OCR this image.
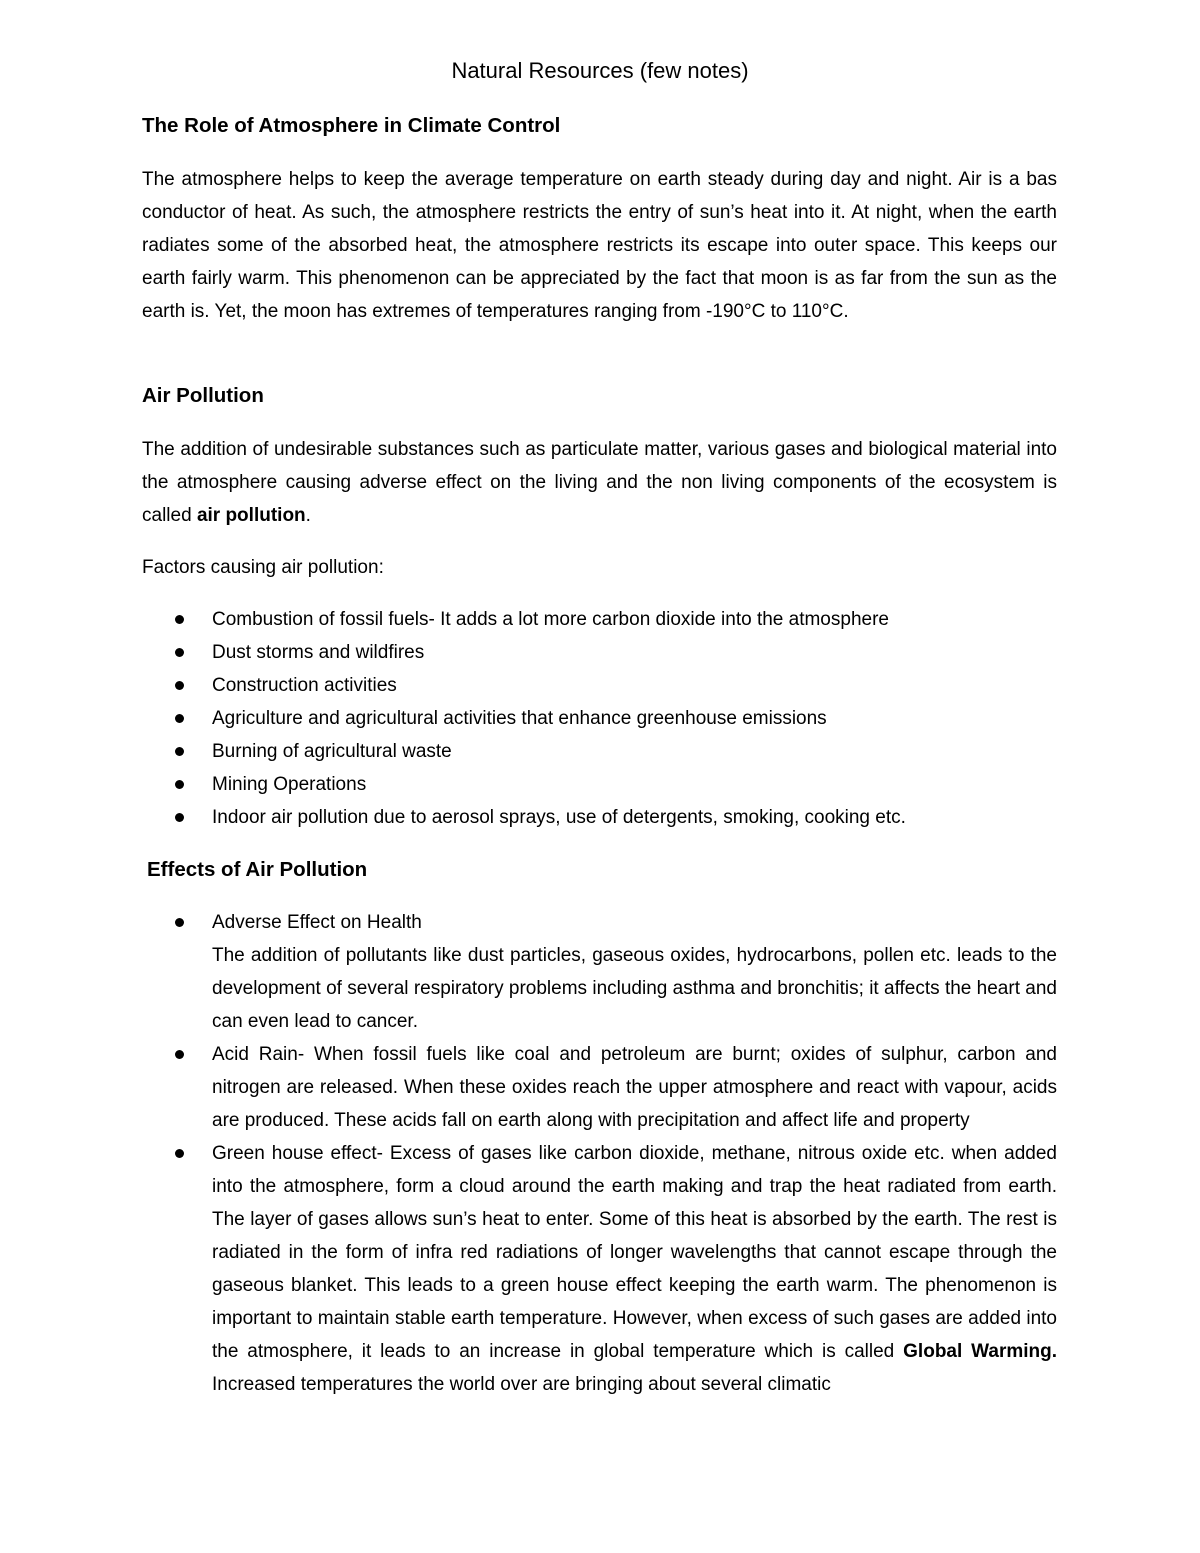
Natural Resources (few notes)
The Role of Atmosphere in Climate Control

The atmosphere helps to keep the average temperature on earth steady during day and night. Air is a bas conductor of heat. As such, the atmosphere restricts the entry of sun’s heat into it. At night, when the earth radiates some of the absorbed heat, the atmosphere restricts its escape into outer space. This keeps our earth fairly warm. This phenomenon can be appreciated by the fact that moon is as far from the sun as the earth is. Yet, the moon has extremes of temperatures ranging from -190°C to 110°C.

Air Pollution

The addition of undesirable substances such as particulate matter, various gases and biological material into the atmosphere causing adverse effect on the living and the non living components of the ecosystem is called air pollution.

Factors causing air pollution:
Combustion of fossil fuels- It adds a lot more carbon dioxide into the atmosphere
Dust storms and wildfires
Construction activities
Agriculture and agricultural activities that enhance greenhouse emissions
Burning of agricultural waste
Mining Operations
Indoor air pollution due to aerosol sprays, use of detergents, smoking, cooking etc.
Effects of Air Pollution
Adverse Effect on Health
The addition of pollutants like dust particles, gaseous oxides, hydrocarbons, pollen etc. leads to the development of several respiratory problems including asthma and bronchitis; it affects the heart and can even lead to cancer.
Acid Rain- When fossil fuels like coal and petroleum are burnt; oxides of sulphur, carbon and nitrogen are released. When these oxides reach the upper atmosphere and react with vapour, acids are produced. These acids fall on earth along with precipitation and affect life and property
Green house effect- Excess of gases like carbon dioxide, methane, nitrous oxide etc. when added into the atmosphere, form a cloud around the earth making and trap the heat radiated from earth. The layer of gases allows sun’s heat to enter. Some of this heat is absorbed by the earth. The rest is radiated in the form of infra red radiations of longer wavelengths that cannot escape through the gaseous blanket. This leads to a green house effect keeping the earth warm. The phenomenon is important to maintain stable earth temperature. However, when excess of such gases are added into the atmosphere, it leads to an increase in global temperature which is called Global Warming. Increased temperatures the world over are bringing about several climatic
